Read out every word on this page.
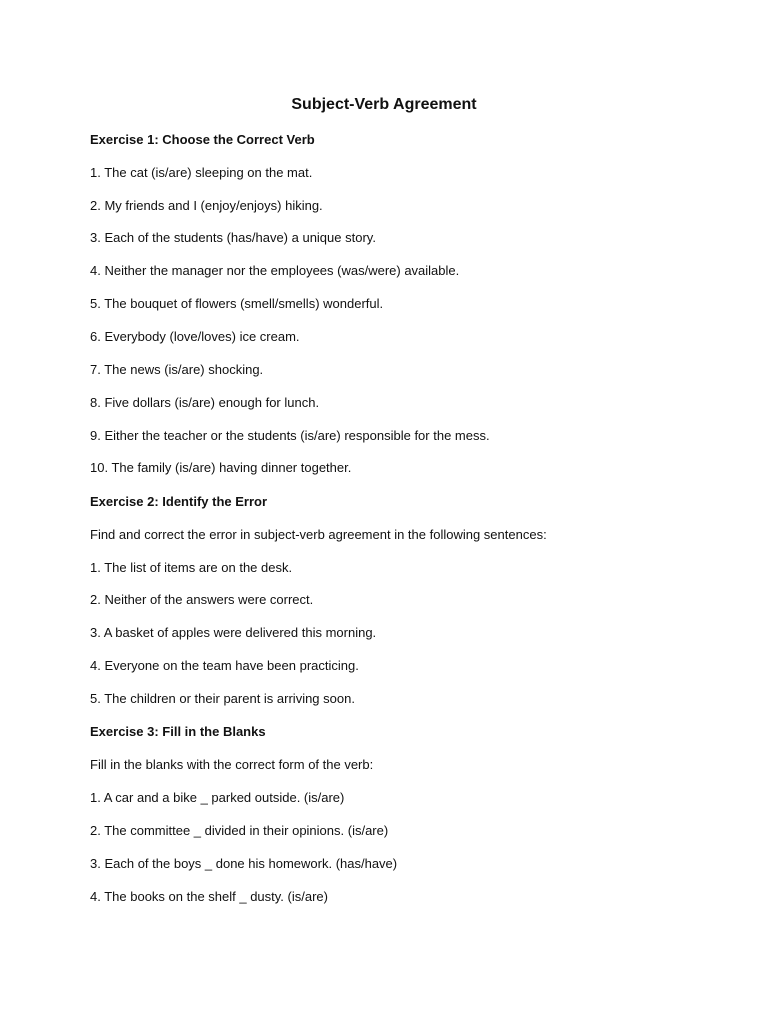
Subject-Verb Agreement
Exercise 1: Choose the Correct Verb
1. The cat (is/are) sleeping on the mat.
2. My friends and I (enjoy/enjoys) hiking.
3. Each of the students (has/have) a unique story.
4. Neither the manager nor the employees (was/were) available.
5. The bouquet of flowers (smell/smells) wonderful.
6. Everybody (love/loves) ice cream.
7. The news (is/are) shocking.
8. Five dollars (is/are) enough for lunch.
9. Either the teacher or the students (is/are) responsible for the mess.
10. The family (is/are) having dinner together.
Exercise 2: Identify the Error
Find and correct the error in subject-verb agreement in the following sentences:
1. The list of items are on the desk.
2. Neither of the answers were correct.
3. A basket of apples were delivered this morning.
4. Everyone on the team have been practicing.
5. The children or their parent is arriving soon.
Exercise 3: Fill in the Blanks
Fill in the blanks with the correct form of the verb:
1. A car and a bike _ parked outside. (is/are)
2. The committee _ divided in their opinions. (is/are)
3. Each of the boys _ done his homework. (has/have)
4. The books on the shelf _ dusty. (is/are)
